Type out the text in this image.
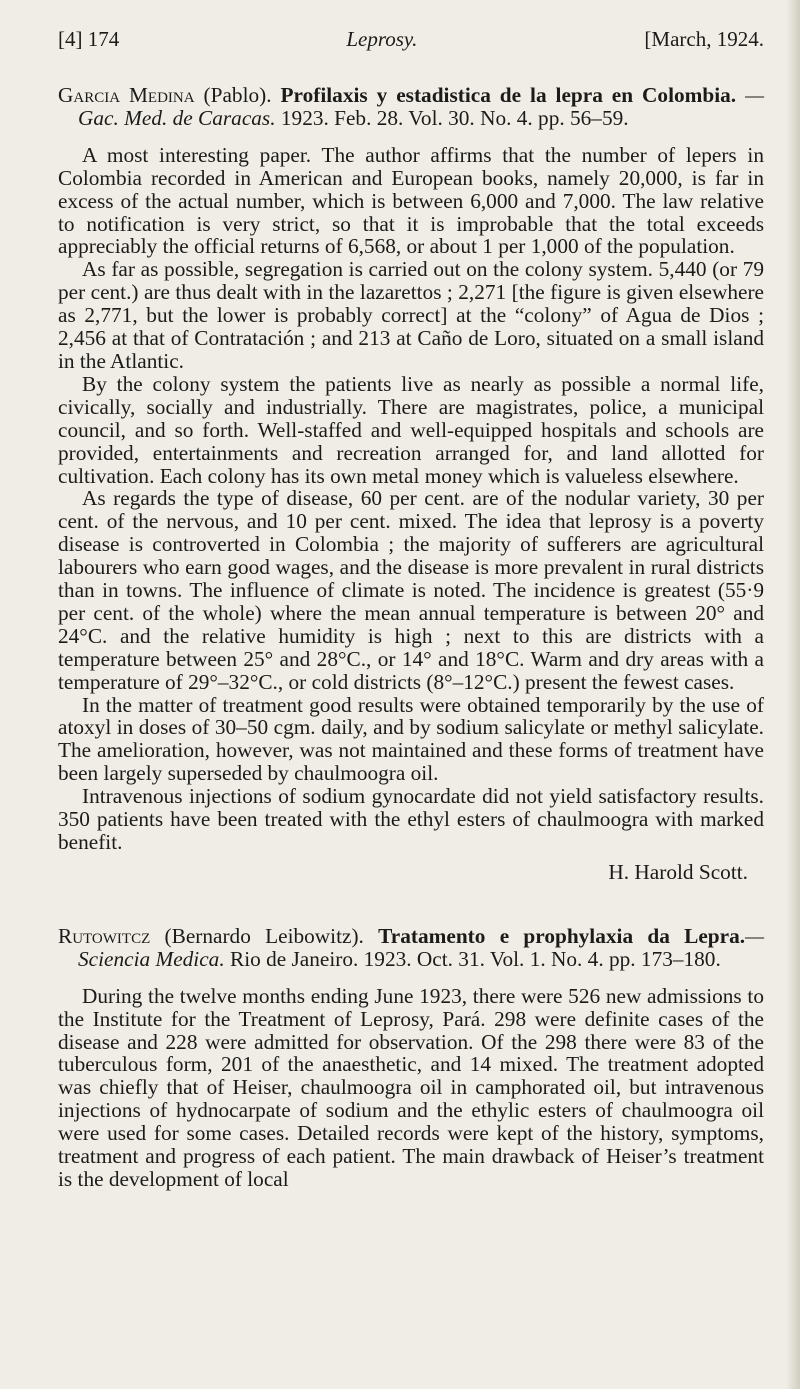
[4] 174	Leprosy.	[March, 1924.

Garcia Medina (Pablo). Profilaxis y estadistica de la lepra en Colombia. —Gac. Med. de Caracas. 1923. Feb. 28. Vol. 30. No. 4. pp. 56–59.

A most interesting paper. The author affirms that the number of lepers in Colombia recorded in American and European books, namely 20,000, is far in excess of the actual number, which is between 6,000 and 7,000. The law relative to notification is very strict, so that it is improbable that the total exceeds appreciably the official returns of 6,568, or about 1 per 1,000 of the population.

As far as possible, segregation is carried out on the colony system. 5,440 (or 79 per cent.) are thus dealt with in the lazarettos ; 2,271 [the figure is given elsewhere as 2,771, but the lower is probably correct] at the “colony” of Agua de Dios ; 2,456 at that of Contratación ; and 213 at Caño de Loro, situated on a small island in the Atlantic.

By the colony system the patients live as nearly as possible a normal life, civically, socially and industrially. There are magistrates, police, a municipal council, and so forth. Well-staffed and well-equipped hospitals and schools are provided, entertainments and recreation arranged for, and land allotted for cultivation. Each colony has its own metal money which is valueless elsewhere.

As regards the type of disease, 60 per cent. are of the nodular variety, 30 per cent. of the nervous, and 10 per cent. mixed. The idea that leprosy is a poverty disease is controverted in Colombia ; the majority of sufferers are agricultural labourers who earn good wages, and the disease is more prevalent in rural districts than in towns. The influence of climate is noted. The incidence is greatest (55·9 per cent. of the whole) where the mean annual temperature is between 20° and 24°C. and the relative humidity is high ; next to this are districts with a temperature between 25° and 28°C., or 14° and 18°C. Warm and dry areas with a temperature of 29°–32°C., or cold districts (8°–12°C.) present the fewest cases.

In the matter of treatment good results were obtained temporarily by the use of atoxyl in doses of 30–50 cgm. daily, and by sodium salicylate or methyl salicylate. The amelioration, however, was not maintained and these forms of treatment have been largely superseded by chaulmoogra oil.

Intravenous injections of sodium gynocardate did not yield satisfactory results. 350 patients have been treated with the ethyl esters of chaulmoogra with marked benefit.

H. Harold Scott.

Rutowitcz (Bernardo Leibowitz). Tratamento e prophylaxia da Lepra.—Sciencia Medica. Rio de Janeiro. 1923. Oct. 31. Vol. 1. No. 4. pp. 173–180.

During the twelve months ending June 1923, there were 526 new admissions to the Institute for the Treatment of Leprosy, Pará. 298 were definite cases of the disease and 228 were admitted for observation. Of the 298 there were 83 of the tuberculous form, 201 of the anaesthetic, and 14 mixed. The treatment adopted was chiefly that of Heiser, chaulmoogra oil in camphorated oil, but intravenous injections of hydnocarpate of sodium and the ethylic esters of chaulmoogra oil were used for some cases. Detailed records were kept of the history, symptoms, treatment and progress of each patient. The main drawback of Heiser’s treatment is the development of local
